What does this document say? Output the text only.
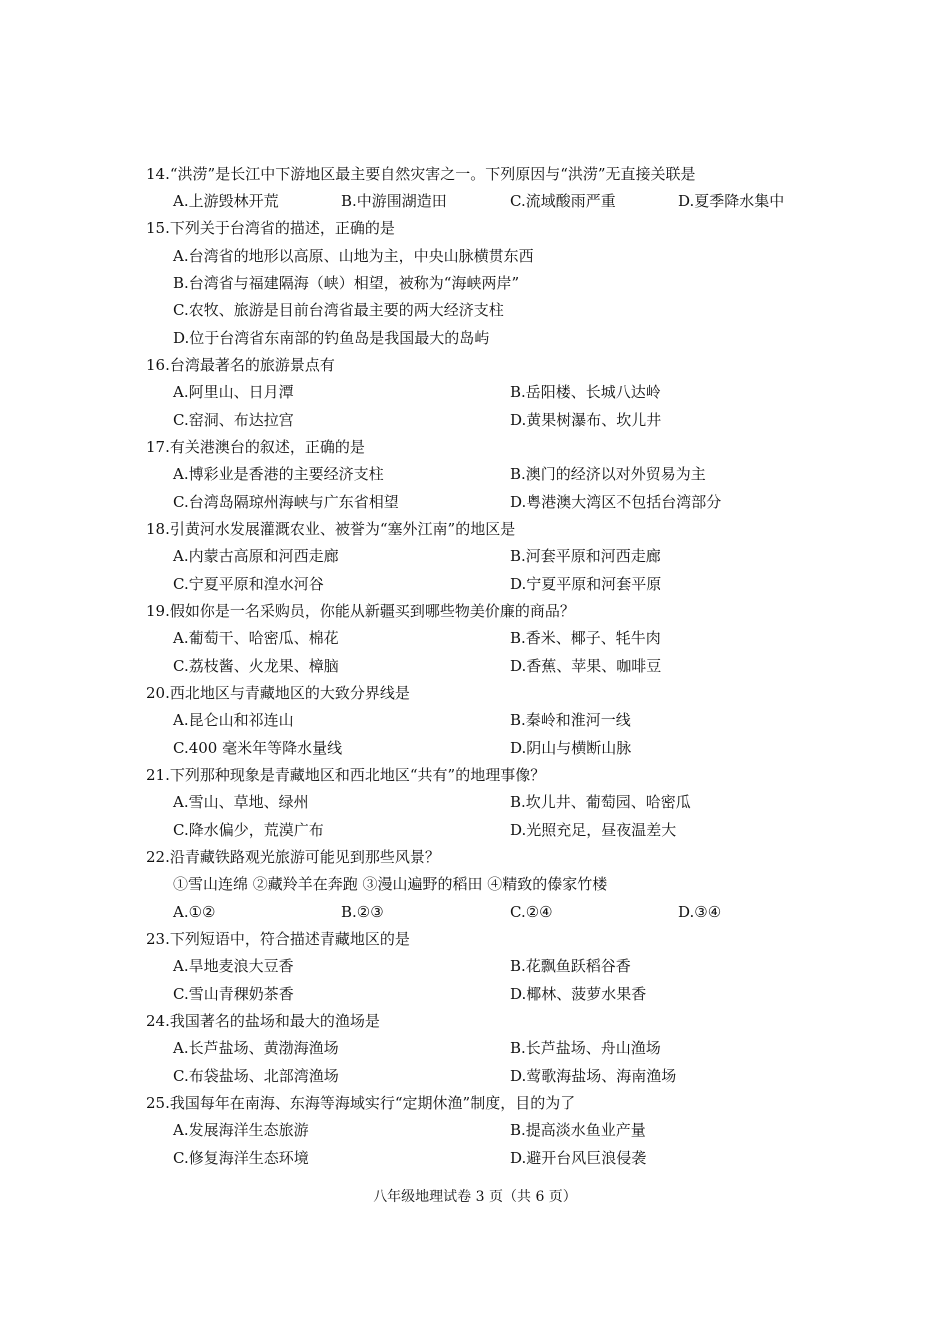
14.“洪涝”是长江中下游地区最主要自然灾害之一。下列原因与“洪涝”无直接关联是
A.上游毁林开荒	B.中游围湖造田	C.流域酸雨严重	D.夏季降水集中
15.下列关于台湾省的描述，正确的是
A.台湾省的地形以高原、山地为主，中央山脉横贯东西
B.台湾省与福建隔海（峡）相望，被称为“海峡两岸”
C.农牧、旅游是目前台湾省最主要的两大经济支柱
D.位于台湾省东南部的钓鱼岛是我国最大的岛屿
16.台湾最著名的旅游景点有
A.阿里山、日月潭	B.岳阳楼、长城八达岭
C.窑洞、布达拉宫	D.黄果树瀑布、坎儿井
17.有关港澳台的叙述，正确的是
A.博彩业是香港的主要经济支柱	B.澳门的经济以对外贸易为主
C.台湾岛隔琼州海峡与广东省相望	D.粤港澳大湾区不包括台湾部分
18.引黄河水发展灌溉农业、被誉为“塞外江南”的地区是
A.内蒙古高原和河西走廊	B.河套平原和河西走廊
C.宁夏平原和湟水河谷	D.宁夏平原和河套平原
19.假如你是一名采购员，你能从新疆买到哪些物美价廉的商品？
A.葡萄干、哈密瓜、棉花	B.香米、椰子、牦牛肉
C.荔枝酱、火龙果、樟脑	D.香蕉、苹果、咖啡豆
20.西北地区与青藏地区的大致分界线是
A.昆仑山和祁连山	B.秦岭和淮河一线
C.400 毫米年等降水量线	D.阴山与横断山脉
21.下列那种现象是青藏地区和西北地区“共有”的地理事像？
A.雪山、草地、绿州	B.坎儿井、葡萄园、哈密瓜
C.降水偏少，荒漠广布	D.光照充足，昼夜温差大
22.沿青藏铁路观光旅游可能见到那些风景？
①雪山连绵 ②藏羚羊在奔跑 ③漫山遍野的稻田 ④精致的傣家竹楼
A.①②	B.②③	C.②④	D.③④
23.下列短语中，符合描述青藏地区的是
A.旱地麦浪大豆香	B.花飘鱼跃稻谷香
C.雪山青稞奶茶香	D.椰林、菠萝水果香
24.我国著名的盐场和最大的渔场是
A.长芦盐场、黄渤海渔场	B.长芦盐场、舟山渔场
C.布袋盐场、北部湾渔场	D.莺歌海盐场、海南渔场
25.我国每年在南海、东海等海域实行“定期休渔”制度，目的为了
A.发展海洋生态旅游	B.提高淡水鱼业产量
C.修复海洋生态环境	D.避开台风巨浪侵袭
八年级地理试卷 3 页（共 6 页）
